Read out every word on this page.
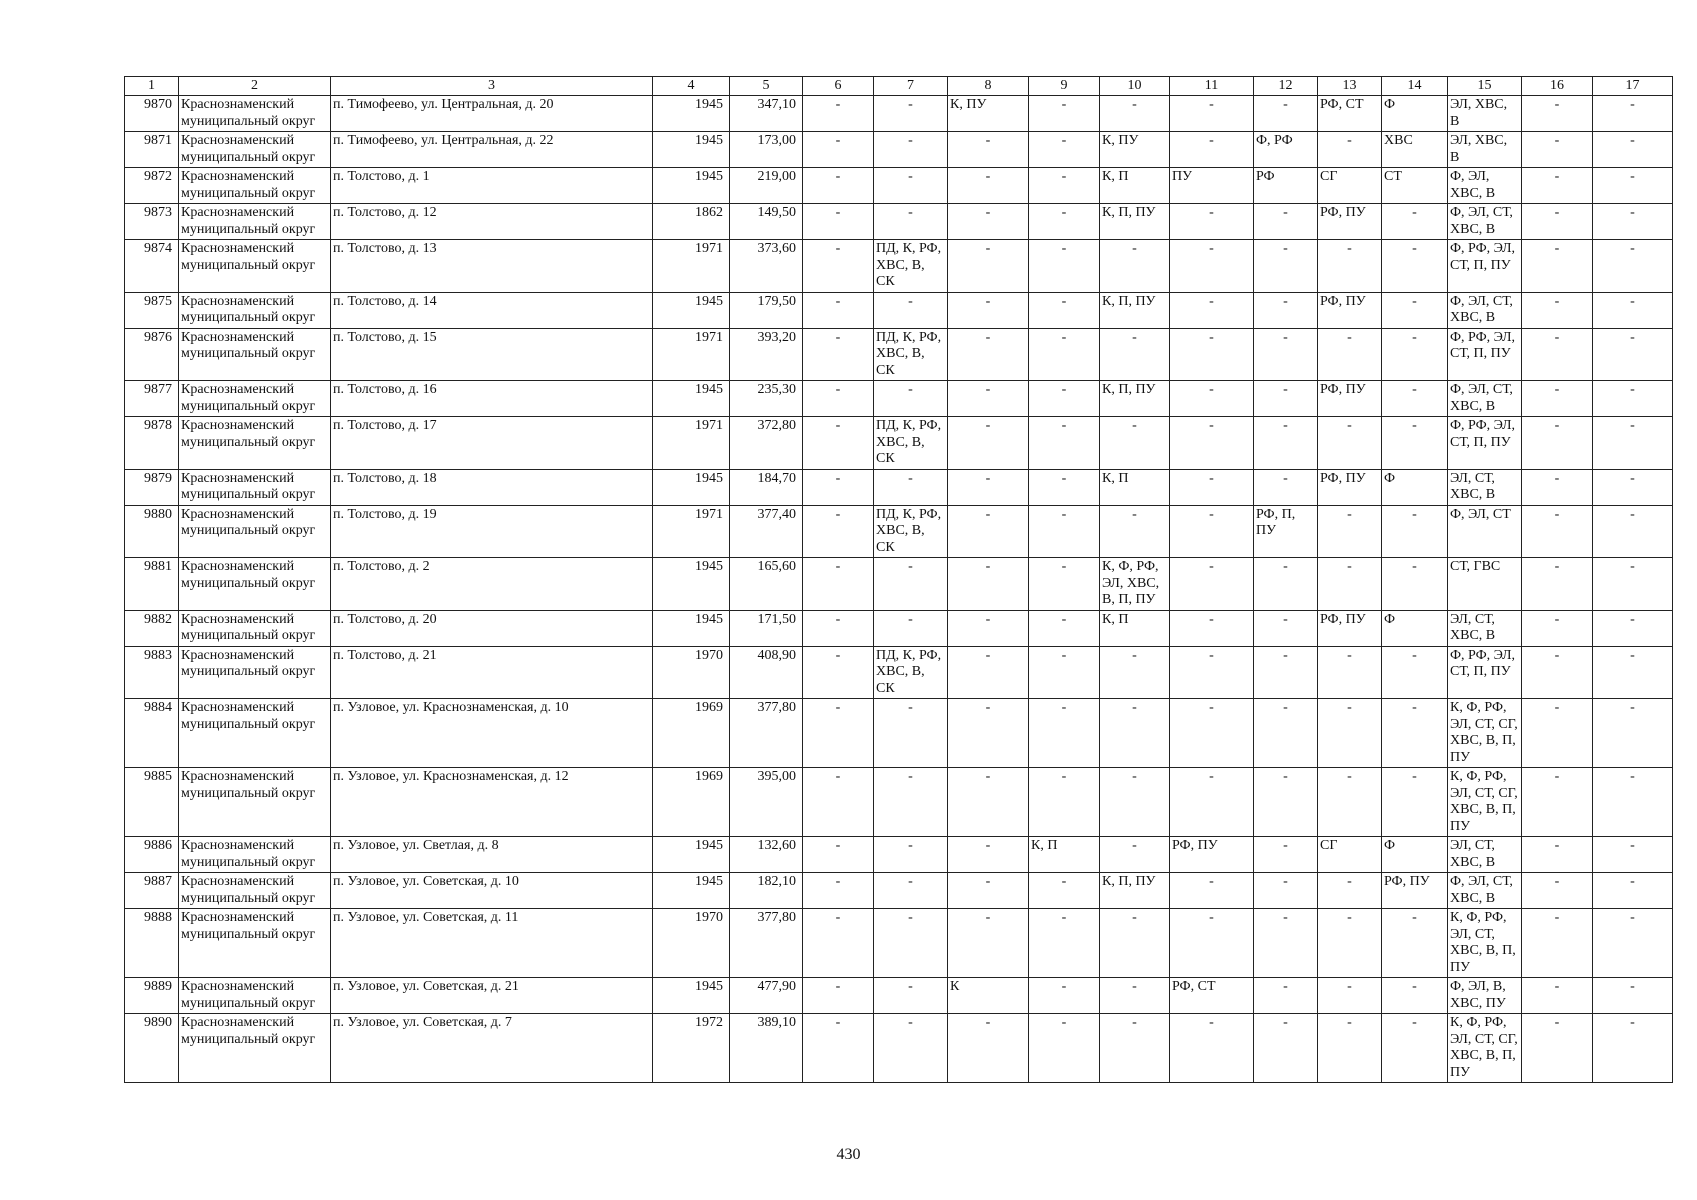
1	2	3	4	5	6	7	8	9	10	11	12	13	14	15	16	17
9870	Краснознаменский муниципальный округ	п. Тимофеево, ул. Центральная, д. 20	1945	347,10	-	-	К, ПУ	-	-	-	-	РФ, СТ	Ф	ЭЛ, ХВС, В	-	-
9871	Краснознаменский муниципальный округ	п. Тимофеево, ул. Центральная, д. 22	1945	173,00	-	-	-	-	К, ПУ	-	Ф, РФ	-	ХВС	ЭЛ, ХВС, В	-	-
9872	Краснознаменский муниципальный округ	п. Толстово, д. 1	1945	219,00	-	-	-	-	К, П	ПУ	РФ	СГ	СТ	Ф, ЭЛ, ХВС, В	-	-
9873	Краснознаменский муниципальный округ	п. Толстово, д. 12	1862	149,50	-	-	-	-	К, П, ПУ	-	-	РФ, ПУ	-	Ф, ЭЛ, СТ, ХВС, В	-	-
9874	Краснознаменский муниципальный округ	п. Толстово, д. 13	1971	373,60	-	ПД, К, РФ, ХВС, В, СК	-	-	-	-	-	-	-	Ф, РФ, ЭЛ, СТ, П, ПУ	-	-
9875	Краснознаменский муниципальный округ	п. Толстово, д. 14	1945	179,50	-	-	-	-	К, П, ПУ	-	-	РФ, ПУ	-	Ф, ЭЛ, СТ, ХВС, В	-	-
9876	Краснознаменский муниципальный округ	п. Толстово, д. 15	1971	393,20	-	ПД, К, РФ, ХВС, В, СК	-	-	-	-	-	-	-	Ф, РФ, ЭЛ, СТ, П, ПУ	-	-
9877	Краснознаменский муниципальный округ	п. Толстово, д. 16	1945	235,30	-	-	-	-	К, П, ПУ	-	-	РФ, ПУ	-	Ф, ЭЛ, СТ, ХВС, В	-	-
9878	Краснознаменский муниципальный округ	п. Толстово, д. 17	1971	372,80	-	ПД, К, РФ, ХВС, В, СК	-	-	-	-	-	-	-	Ф, РФ, ЭЛ, СТ, П, ПУ	-	-
9879	Краснознаменский муниципальный округ	п. Толстово, д. 18	1945	184,70	-	-	-	-	К, П	-	-	РФ, ПУ	Ф	ЭЛ, СТ, ХВС, В	-	-
9880	Краснознаменский муниципальный округ	п. Толстово, д. 19	1971	377,40	-	ПД, К, РФ, ХВС, В, СК	-	-	-	-	РФ, П, ПУ	-	-	Ф, ЭЛ, СТ	-	-
9881	Краснознаменский муниципальный округ	п. Толстово, д. 2	1945	165,60	-	-	-	-	К, Ф, РФ, ЭЛ, ХВС, В, П, ПУ	-	-	-	-	СТ, ГВС	-	-
9882	Краснознаменский муниципальный округ	п. Толстово, д. 20	1945	171,50	-	-	-	-	К, П	-	-	РФ, ПУ	Ф	ЭЛ, СТ, ХВС, В	-	-
9883	Краснознаменский муниципальный округ	п. Толстово, д. 21	1970	408,90	-	ПД, К, РФ, ХВС, В, СК	-	-	-	-	-	-	-	Ф, РФ, ЭЛ, СТ, П, ПУ	-	-
9884	Краснознаменский муниципальный округ	п. Узловое, ул. Краснознаменская, д. 10	1969	377,80	-	-	-	-	-	-	-	-	-	К, Ф, РФ, ЭЛ, СТ, СГ, ХВС, В, П, ПУ	-	-
9885	Краснознаменский муниципальный округ	п. Узловое, ул. Краснознаменская, д. 12	1969	395,00	-	-	-	-	-	-	-	-	-	К, Ф, РФ, ЭЛ, СТ, СГ, ХВС, В, П, ПУ	-	-
9886	Краснознаменский муниципальный округ	п. Узловое, ул. Светлая, д. 8	1945	132,60	-	-	-	К, П	-	РФ, ПУ	-	СГ	Ф	ЭЛ, СТ, ХВС, В	-	-
9887	Краснознаменский муниципальный округ	п. Узловое, ул. Советская, д. 10	1945	182,10	-	-	-	-	К, П, ПУ	-	-	-	РФ, ПУ	Ф, ЭЛ, СТ, ХВС, В	-	-
9888	Краснознаменский муниципальный округ	п. Узловое, ул. Советская, д. 11	1970	377,80	-	-	-	-	-	-	-	-	-	К, Ф, РФ, ЭЛ, СТ, ХВС, В, П, ПУ	-	-
9889	Краснознаменский муниципальный округ	п. Узловое, ул. Советская, д. 21	1945	477,90	-	-	К	-	-	РФ, СТ	-	-	-	Ф, ЭЛ, В, ХВС, ПУ	-	-
9890	Краснознаменский муниципальный округ	п. Узловое, ул. Советская, д. 7	1972	389,10	-	-	-	-	-	-	-	-	-	К, Ф, РФ, ЭЛ, СТ, СГ, ХВС, В, П, ПУ	-	-
430
